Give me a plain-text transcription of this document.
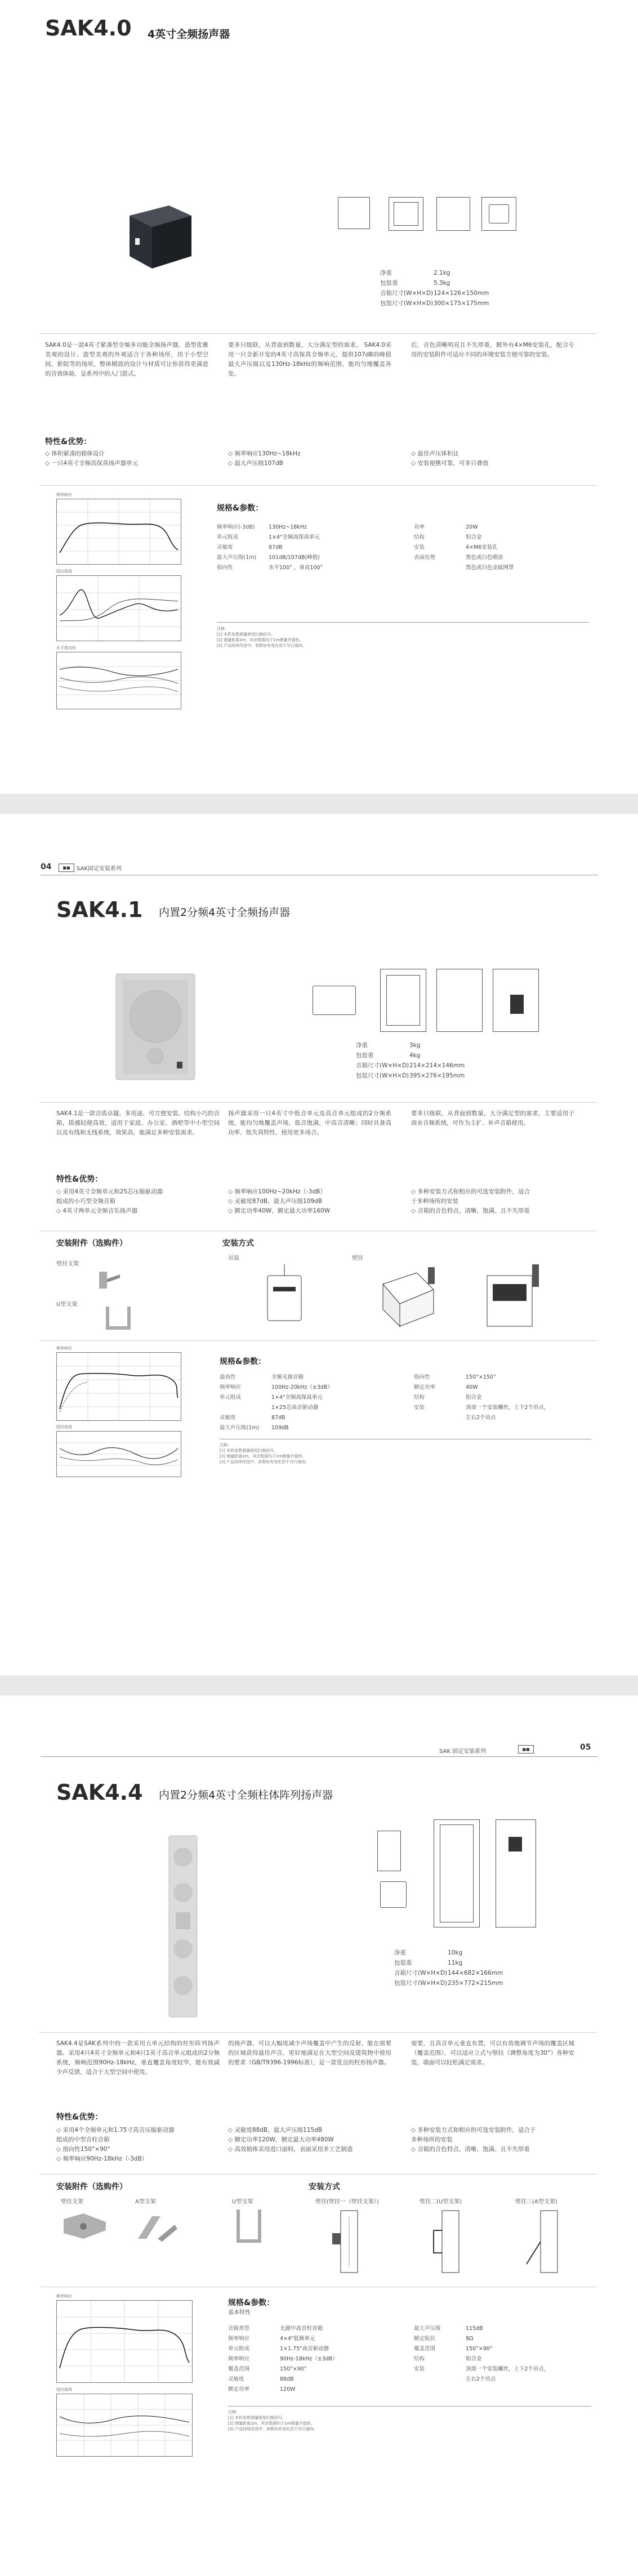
SAK4.0 4英寸全频扬声器
净重	2.1kg
包装重	5.3kg
音箱尺寸(W×H×D) 124×126×150mm
包装尺寸(W×H×D) 300×175×175mm
SAK4.0是一款4英寸紧凑型全频多功能全频扬声器，造型优雅美观的设计。造型美观的外观适合于各种场所，用于小型空间、影院等的场所，整体精致的设计与材质可让你获得更满意的音效体验，是系列中的入门款式。
要多只级联，从背面到数量，大分满足型的需求。 SAK4.0采用一只全新开发的4英寸高保真全频单元，提供107dB的峰值最大声压级以及130Hz-18kHz的频响范围，能均匀地覆盖各处。
后，音色清晰明亮且不失厚重，额外有4×M6安装孔，配合专用的安装附件可适应不同的环境安装方便可靠的安装。
特性&优势：
◇ 体积紧凑的箱体设计
◇ 一只4英寸全频高保真扬声器单元
◇ 频率响应130Hz~18kHz
◇ 最大声压级107dB
◇ 最佳声压体积比
◇ 安装便携可靠，可多只叠放
频率响应
阻抗曲线
水平指向性
规格&参数：
频率响应(-3dB)	130Hz~18kHz
单元组成	1×4"全频高保真单元
灵敏度	87dB
最大声压级(1m)	101dB/107dB(峰值)
指向性	水平100° ，垂直100°
功率	20W
结构	铝合金
安装	4×M6安装孔
表面处理	黑色或白色喷涂
黑色或白色金属网罩
注释:
[1] 本机参数测量使用扫频信号。
[2] 测量距离1m，其余数据均于1m测量并提供。
[3] 产品持续改进中，参数如有变化恕不另行通知。
04	◼◼	SAK固定安装系列
SAK4.1 内置2分频4英寸全频扬声器
净重	3kg
包装重	4kg
音箱尺寸(W×H×D) 214×214×146mm
包装尺寸(W×H×D) 395×276×195mm
SAK4.1是一款音质卓越、多用途、可方便安装、结构小巧的音箱，质感轻便高效，适用于家庭、办公室、酒吧等中小型空间以及有线和无线系统，效果高，能满足多种安装需求。
扬声器采用一只4英寸中低音单元及高音单元组成的2分频系统，能均匀地覆盖声场，低音饱满，中高音清晰；同时具备高功率、低失真特性，使用更多场合。
要多只级联，从背面到数量，大分满足型的需求，主要适用于商业音频系统，可作为主扩、补声音箱使用。
特性&优势：
◇ 采用4英寸全频单元和25芯压缩驱动器
组成的小巧型全频音箱
◇ 4英寸两单元全频音乐扬声器
◇ 频率响应100Hz~20kHz（-3dB）
◇ 灵敏度87dB，最大声压级109dB
◇ 额定功率40W，额定最大功率160W
◇ 多种安装方式和相应的可选安装附件，适合
于多种场所的安装
◇ 音箱的音色特点，清晰、饱满、且不失厚重
安装附件（选购件）
壁挂支架
U型支架
安装方式
吊装	壁挂
频率响应
阻抗曲线
规格&参数：
最高性	全频无源音箱
频率响应	100Hz-20kHz（±3dB）
单元组成	1×4"全频高保真单元
1×25芯高音驱动器
灵敏度	87dB
最大声压级(1m)	109dB
指向性	150°×150°
额定功率	40W
结构	铝合金
安装	顶部一个安装螺丝，上下2个吊点，
左右2个吊点
注释:
[1] 本机参数测量使用扫频信号。
[2] 测量距离1m，其余数据均于1m测量并提供。
[3] 产品持续改进中，参数如有变化恕不另行通知。
SAK 固定安装系列	◼◼	05
SAK4.4 内置2分频4英寸全频柱体阵列扬声器
净重	10kg
包装重	11kg
音箱尺寸(W×H×D) 144×682×166mm
包装尺寸(W×H×D) 235×772×215mm
SAK4.4是SAK系列中的一款采用五单元结构的柱形阵列扬声器。采用4只4英寸全频单元和4只1英寸高音单元组成的2分频系统，频响范围90Hz-18kHz，垂直覆盖角度较窄，能有效减少声反馈，适合于大型空间中使用。
的扬声器，可以大幅度减少声场覆盖中产生的反射，能在需要的区域获得最佳声音，更好地满足在大型空间及建筑物中使用的要求（GB/T9396-1996标准），是一款优良的柱形扬声器。
需要，且高音单元垂直布置，可以有效地调节声场的覆盖区域（覆盖范围），可以适应立式与壁挂（调整角度为30°）各种安装，墙面可以轻松满足需求。
特性&优势：
◇ 采用4个全频单元和1.75寸高音压缩驱动器
组成的中型音柱音箱
◇ 指向性150°×90°
◇ 频率响应90Hz-18kHz（-3dB）
◇ 灵敏度88dB，最大声压级115dB
◇ 额定功率120W，额定最大功率480W
◇ 高效箱体采用进口面料，表面采用多工艺制造
◇ 多种安装方式和相应的可选安装附件，适合于
多种场所的安装
◇ 音箱的音色特点，清晰、饱满、且不失厚重
安装附件（选购件）
壁挂支架	A型支架	U型支架
安装方式
壁挂(壁挂一（壁挂支架）)	壁挂二(U型支架)	壁挂三(A型支架)
频率响应
阻抗曲线
规格&参数：
基本特性
音箱类型	无源中高音柱音箱
频率响应	4×4"低频单元
单元组成	1×1.75"高音驱动器
频率响应	90Hz-18kHz（±3dB）
覆盖范围	150°×90°
灵敏度	88dB
额定功率	120W
最大声压级	115dB
额定阻抗	8Ω
覆盖范围	150°×90°
结构	铝合金
安装	顶部一个安装螺丝，上下2个吊点，
左右2个吊点
注释:
[1] 本机参数测量使用扫频信号。
[2] 测量距离1m，其余数据均于1m测量并提供。
[3] 产品持续改进中，参数如有变化恕不另行通知。
